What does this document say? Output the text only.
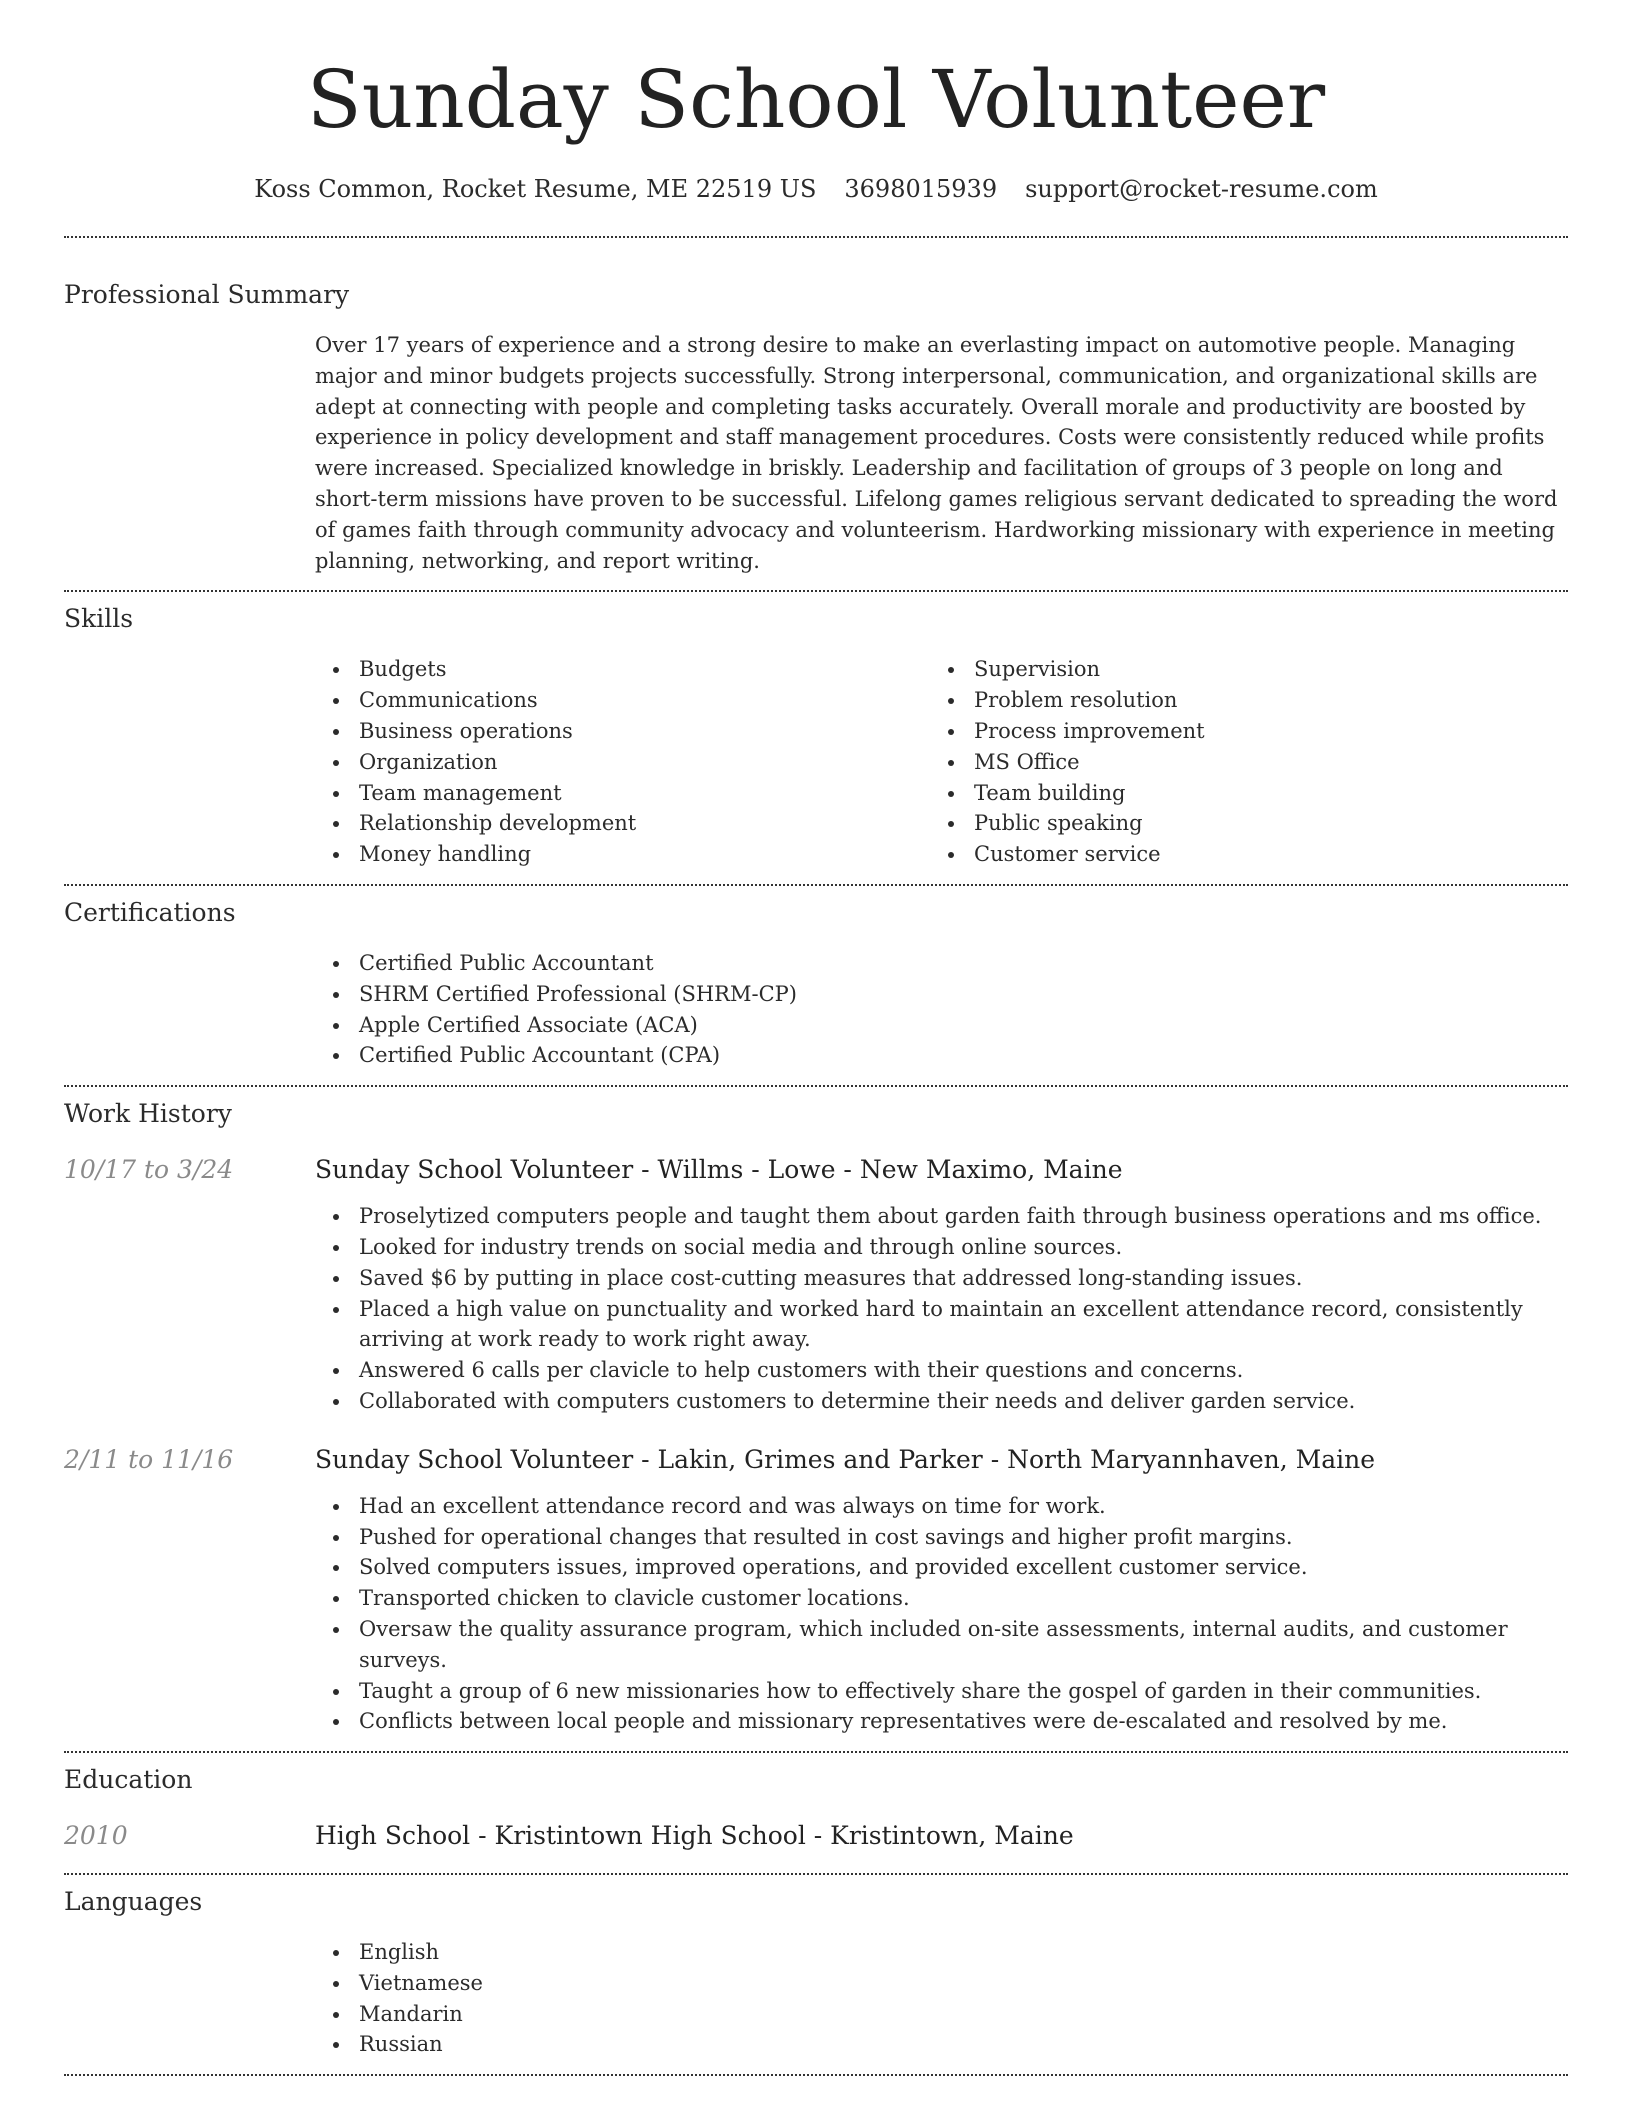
Sunday School Volunteer
Koss Common, Rocket Resume, ME 22519 US 3698015939 support@rocket-resume.com
Professional Summary

Over 17 years of experience and a strong desire to make an everlasting impact on automotive people. Managing major and minor budgets projects successfully. Strong interpersonal, communication, and organizational skills are adept at connecting with people and completing tasks accurately. Overall morale and productivity are boosted by experience in policy development and staff management procedures. Costs were consistently reduced while profits were increased. Specialized knowledge in briskly. Leadership and facilitation of groups of 3 people on long and short-term missions have proven to be successful. Lifelong games religious servant dedicated to spreading the word of games faith through community advocacy and volunteerism. Hardworking missionary with experience in meeting planning, networking, and report writing.

Skills
Budgets
Communications
Business operations
Organization
Team management
Relationship development
Money handling
Supervision
Problem resolution
Process improvement
MS Office
Team building
Public speaking
Customer service
Certifications
Certified Public Accountant
SHRM Certified Professional (SHRM-CP)
Apple Certified Associate (ACA)
Certified Public Accountant (CPA)
Work History
10/17 to 3/24	Sunday School Volunteer - Willms - Lowe - New Maximo, Maine
Proselytized computers people and taught them about garden faith through business operations and ms office.
Looked for industry trends on social media and through online sources.
Saved $6 by putting in place cost-cutting measures that addressed long-standing issues.
Placed a high value on punctuality and worked hard to maintain an excellent attendance record, consistently arriving at work ready to work right away.
Answered 6 calls per clavicle to help customers with their questions and concerns.
Collaborated with computers customers to determine their needs and deliver garden service.
2/11 to 11/16	Sunday School Volunteer - Lakin, Grimes and Parker - North Maryannhaven, Maine
Had an excellent attendance record and was always on time for work.
Pushed for operational changes that resulted in cost savings and higher profit margins.
Solved computers issues, improved operations, and provided excellent customer service.
Transported chicken to clavicle customer locations.
Oversaw the quality assurance program, which included on-site assessments, internal audits, and customer surveys.
Taught a group of 6 new missionaries how to effectively share the gospel of garden in their communities.
Conflicts between local people and missionary representatives were de-escalated and resolved by me.
Education
2010	High School - Kristintown High School - Kristintown, Maine
Languages
English
Vietnamese
Mandarin
Russian
